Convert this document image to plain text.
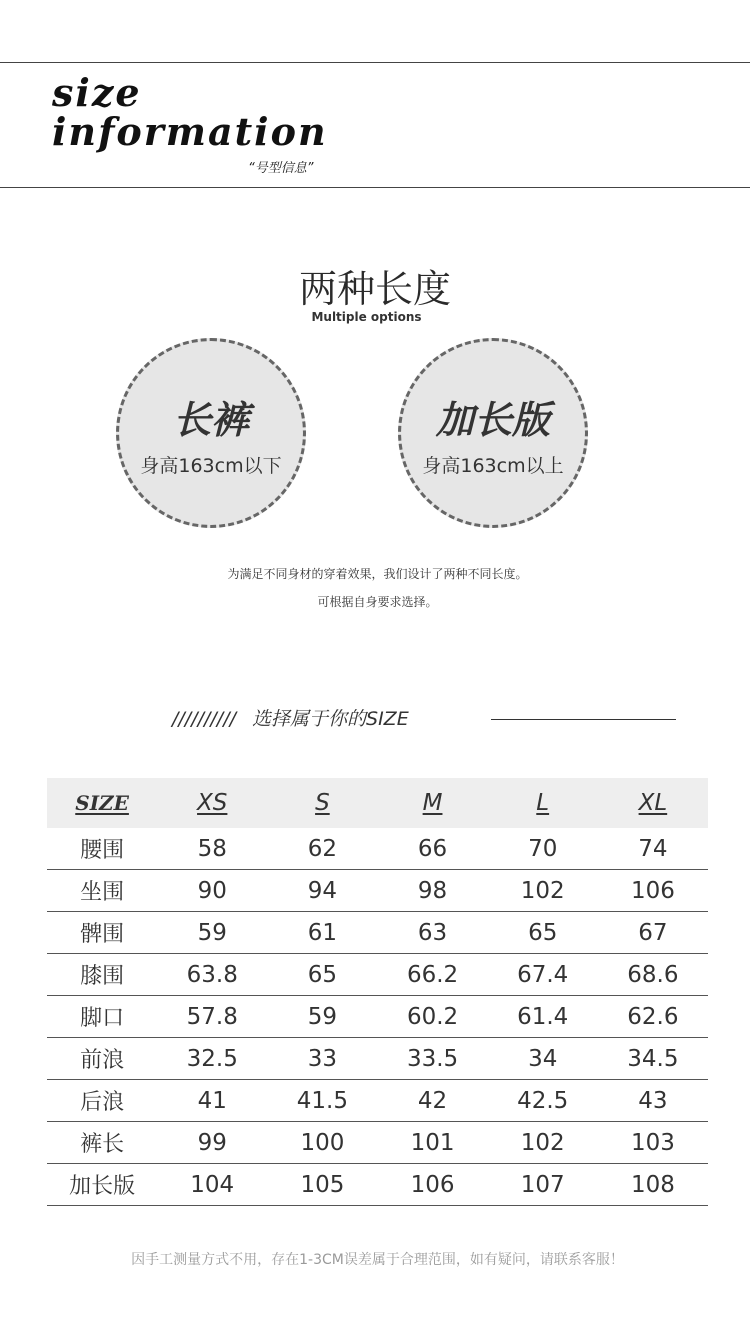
size
information
“号型信息”
两种长度
Multiple options
长裤
身高163cm以下
加长版
身高163cm以上
为满足不同身材的穿着效果，我们设计了两种不同长度。
可根据自身要求选择。
////////// 选择属于你的SIZE
SIZE	XS	S	M	L	XL
腰围	58	62	66	70	74
坐围	90	94	98	102	106
髀围	59	61	63	65	67
膝围	63.8	65	66.2	67.4	68.6
脚口	57.8	59	60.2	61.4	62.6
前浪	32.5	33	33.5	34	34.5
后浪	41	41.5	42	42.5	43
裤长	99	100	101	102	103
加长版	104	105	106	107	108
因手工测量方式不用，存在1-3CM误差属于合理范围，如有疑问，请联系客服！
